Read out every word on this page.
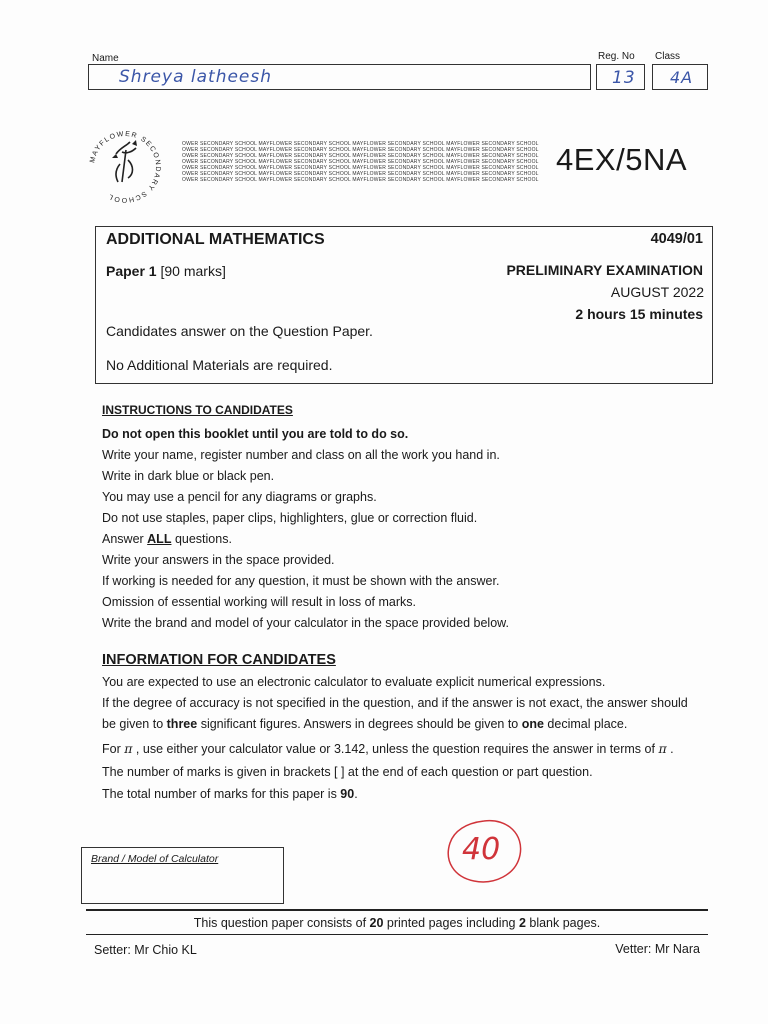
Name
Shreya latheesh
Reg. No
13
Class
4A
MAYFLOWER SECONDARY SCHOOL
OWER SECONDARY SCHOOL MAYFLOWER SECONDARY SCHOOL MAYFLOWER SECONDARY SCHOOL MAYFLOWER SECONDARY SCHOOL
OWER SECONDARY SCHOOL MAYFLOWER SECONDARY SCHOOL MAYFLOWER SECONDARY SCHOOL MAYFLOWER SECONDARY SCHOOL
OWER SECONDARY SCHOOL MAYFLOWER SECONDARY SCHOOL MAYFLOWER SECONDARY SCHOOL MAYFLOWER SECONDARY SCHOOL
OWER SECONDARY SCHOOL MAYFLOWER SECONDARY SCHOOL MAYFLOWER SECONDARY SCHOOL MAYFLOWER SECONDARY SCHOOL
OWER SECONDARY SCHOOL MAYFLOWER SECONDARY SCHOOL MAYFLOWER SECONDARY SCHOOL MAYFLOWER SECONDARY SCHOOL
OWER SECONDARY SCHOOL MAYFLOWER SECONDARY SCHOOL MAYFLOWER SECONDARY SCHOOL MAYFLOWER SECONDARY SCHOOL
OWER SECONDARY SCHOOL MAYFLOWER SECONDARY SCHOOL MAYFLOWER SECONDARY SCHOOL MAYFLOWER SECONDARY SCHOOL
4EX/5NA
ADDITIONAL MATHEMATICS	4049/01
Paper 1 [90 marks]	PRELIMINARY EXAMINATION
AUGUST 2022
2 hours 15 minutes
Candidates answer on the Question Paper.
No Additional Materials are required.
INSTRUCTIONS TO CANDIDATES
Do not open this booklet until you are told to do so.
Write your name, register number and class on all the work you hand in.
Write in dark blue or black pen.
You may use a pencil for any diagrams or graphs.
Do not use staples, paper clips, highlighters, glue or correction fluid.
Answer ALL questions.
Write your answers in the space provided.
If working is needed for any question, it must be shown with the answer.
Omission of essential working will result in loss of marks.
Write the brand and model of your calculator in the space provided below.
INFORMATION FOR CANDIDATES
You are expected to use an electronic calculator to evaluate explicit numerical expressions.
If the degree of accuracy is not specified in the question, and if the answer is not exact, the answer should
be given to three significant figures. Answers in degrees should be given to one decimal place.
For π , use either your calculator value or 3.142, unless the question requires the answer in terms of π .
The number of marks is given in brackets [ ] at the end of each question or part question.
The total number of marks for this paper is 90.
Brand / Model of Calculator	40
This question paper consists of 20 printed pages including 2 blank pages.
Setter: Mr Chio KL	Vetter: Mr Nara
